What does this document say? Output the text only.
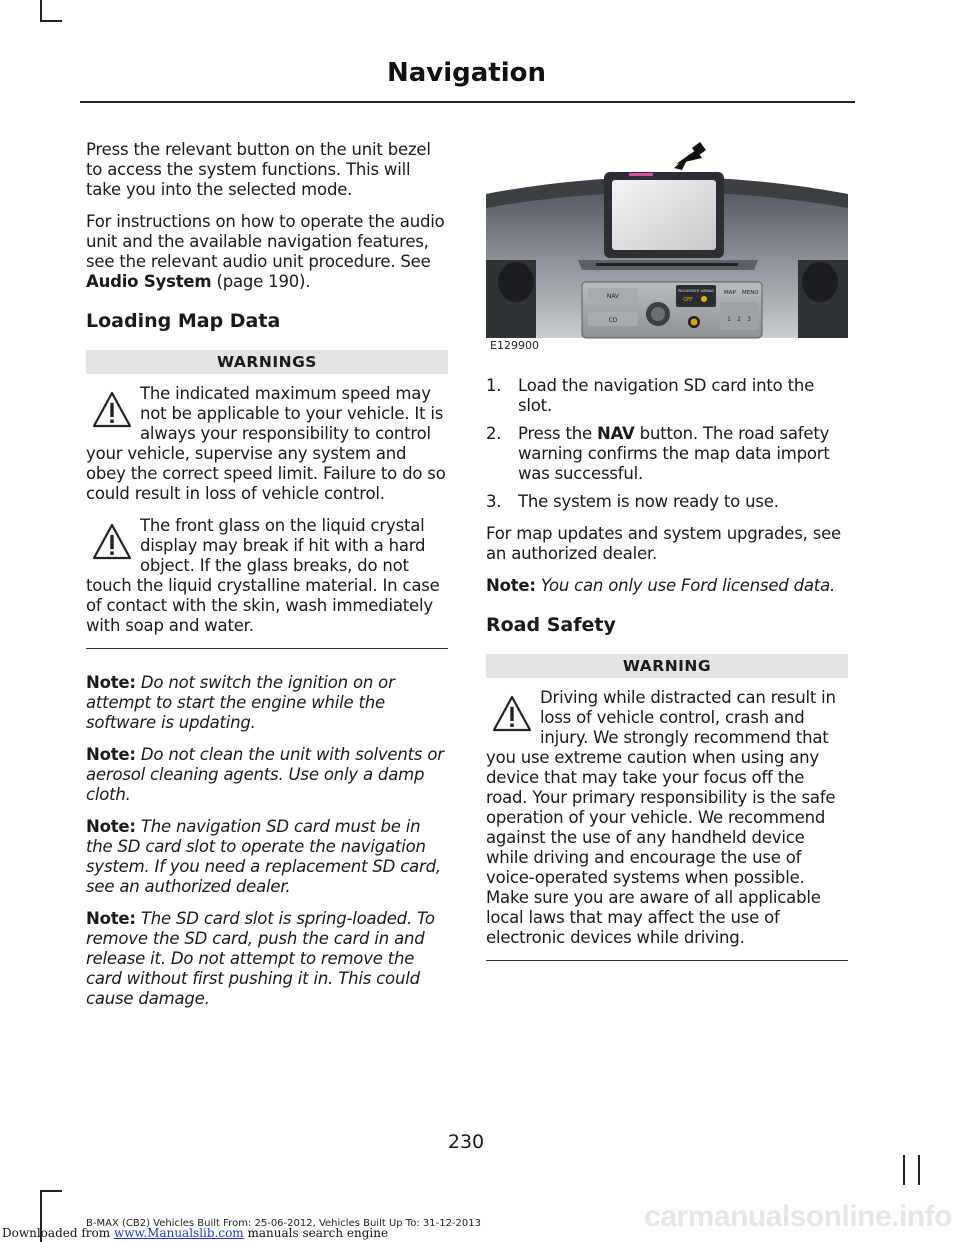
Navigation

Press the relevant button on the unit bezel to access the system functions. This will take you into the selected mode.

For instructions on how to operate the audio unit and the available navigation features, see the relevant audio unit procedure. See Audio System (page 190).

Loading Map Data
WARNINGS

The indicated maximum speed may not be applicable to your vehicle. It is always your responsibility to control your vehicle, supervise any system and obey the correct speed limit. Failure to do so could result in loss of vehicle control.

The front glass on the liquid crystal display may break if hit with a hard object. If the glass breaks, do not touch the liquid crystalline material. In case of contact with the skin, wash immediately with soap and water.

Note: Do not switch the ignition on or attempt to start the engine while the software is updating.

Note: Do not clean the unit with solvents or aerosol cleaning agents. Use only a damp cloth.

Note: The navigation SD card must be in the SD card slot to operate the navigation system. If you need a replacement SD card, see an authorized dealer.

Note: The SD card slot is spring-loaded. To remove the SD card, push the card in and release it. Do not attempt to remove the card without first pushing it in. This could cause damage.

NAV
CD
PASSENGER AIRBAG
OFF
MAP MENU
1 2 3
E129900
1. Load the navigation SD card into the slot.
2. Press the NAV button. The road safety warning confirms the map data import was successful.
3. The system is now ready to use.

For map updates and system upgrades, see an authorized dealer.

Note: You can only use Ford licensed data.

Road Safety
WARNING

Driving while distracted can result in loss of vehicle control, crash and injury. We strongly recommend that you use extreme caution when using any device that may take your focus off the road. Your primary responsibility is the safe operation of your vehicle. We recommend against the use of any handheld device while driving and encourage the use of voice-operated systems when possible. Make sure you are aware of all applicable local laws that may affect the use of electronic devices while driving.

230
B-MAX (CB2) Vehicles Built From: 25-06-2012, Vehicles Built Up To: 31-12-2013	carmanualsonline.info
Downloaded from www.Manualslib.com manuals search engine
